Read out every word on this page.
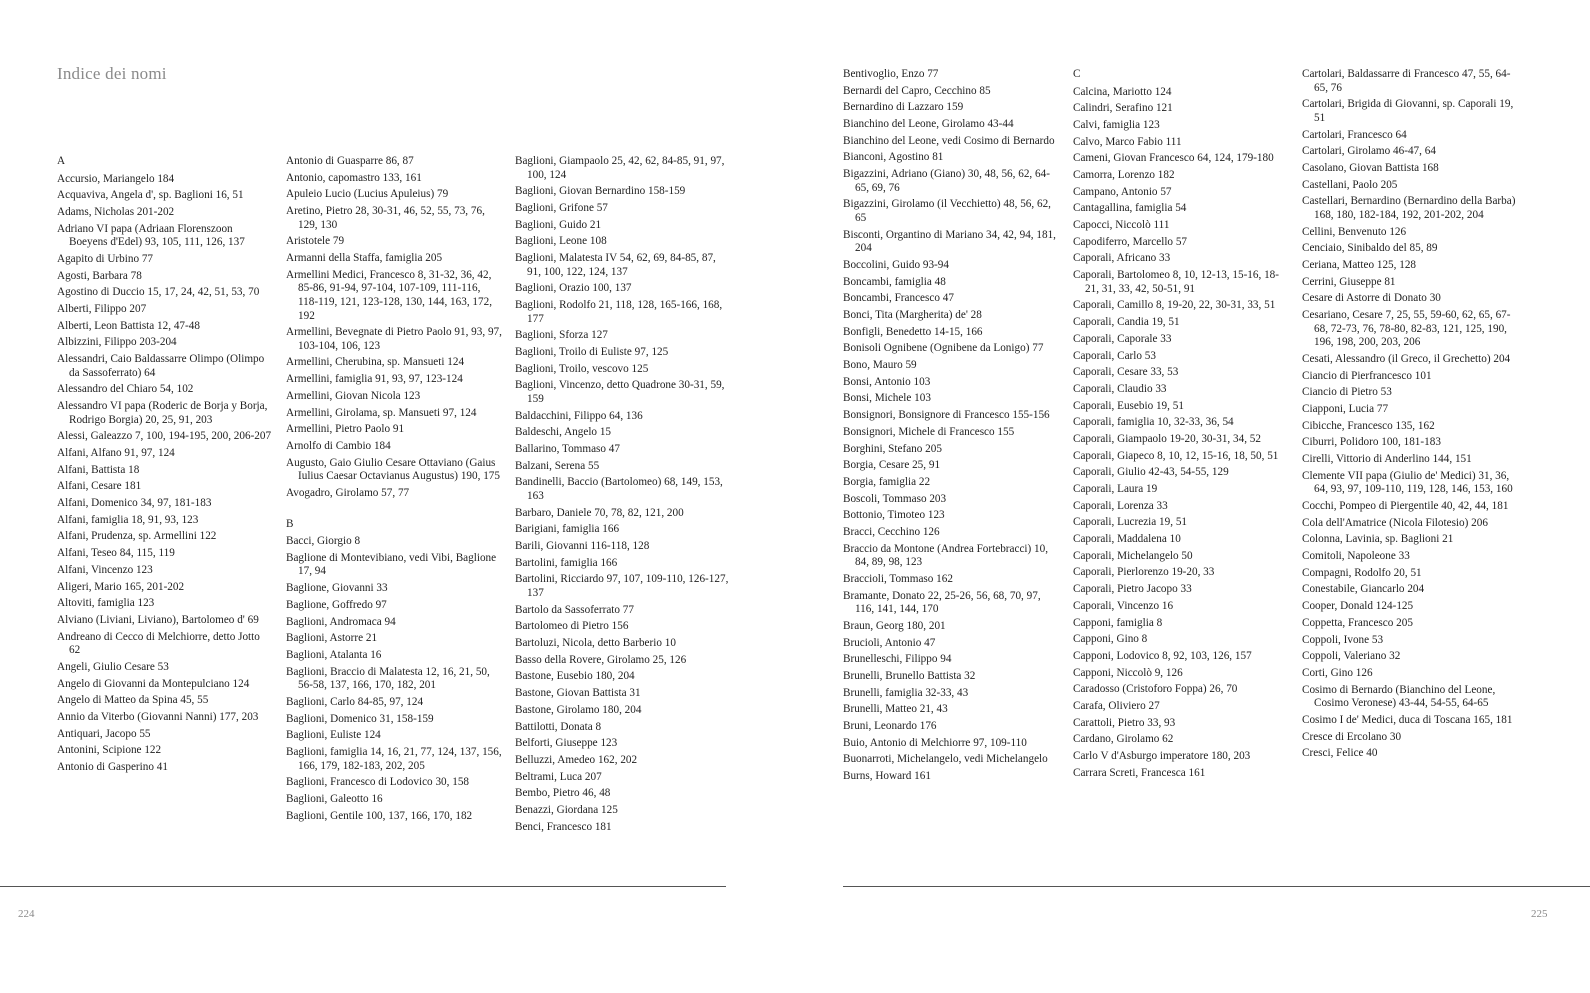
Indice dei nomi
A
Accursio, Mariangelo 184
Acquaviva, Angela d', sp. Baglioni 16, 51
Adams, Nicholas 201-202
Adriano VI papa (Adriaan Florenszoon Boeyens d'Edel) 93, 105, 111, 126, 137
Agapito di Urbino 77
Agosti, Barbara 78
Agostino di Duccio 15, 17, 24, 42, 51, 53, 70
Alberti, Filippo 207
Alberti, Leon Battista 12, 47-48
Albizzini, Filippo 203-204
Alessandri, Caio Baldassarre Olimpo (Olimpo da Sassoferrato) 64
Alessandro del Chiaro 54, 102
Alessandro VI papa (Roderic de Borja y Borja, Rodrigo Borgia) 20, 25, 91, 203
Alessi, Galeazzo 7, 100, 194-195, 200, 206-207
Alfani, Alfano 91, 97, 124
Alfani, Battista 18
Alfani, Cesare 181
Alfani, Domenico 34, 97, 181-183
Alfani, famiglia 18, 91, 93, 123
Alfani, Prudenza, sp. Armellini 122
Alfani, Teseo 84, 115, 119
Alfani, Vincenzo 123
Aligeri, Mario 165, 201-202
Altoviti, famiglia 123
Alviano (Liviani, Liviano), Bartolomeo d' 69
Andreano di Cecco di Melchiorre, detto Jotto 62
Angeli, Giulio Cesare 53
Angelo di Giovanni da Montepulciano 124
Angelo di Matteo da Spina 45, 55
Annio da Viterbo (Giovanni Nanni) 177, 203
Antiquari, Jacopo 55
Antonini, Scipione 122
Antonio di Gasperino 41
Antonio di Guasparre 86, 87
Antonio, capomastro 133, 161
Apuleio Lucio (Lucius Apuleius) 79
Aretino, Pietro 28, 30-31, 46, 52, 55, 73, 76, 129, 130
Aristotele 79
Armanni della Staffa, famiglia 205
Armellini Medici, Francesco 8, 31-32, 36, 42, 85-86, 91-94, 97-104, 107-109, 111-116, 118-119, 121, 123-128, 130, 144, 163, 172, 192
Armellini, Bevegnate di Pietro Paolo 91, 93, 97, 103-104, 106, 123
Armellini, Cherubina, sp. Mansueti 124
Armellini, famiglia 91, 93, 97, 123-124
Armellini, Giovan Nicola 123
Armellini, Girolama, sp. Mansueti 97, 124
Armellini, Pietro Paolo 91
Arnolfo di Cambio 184
Augusto, Gaio Giulio Cesare Ottaviano (Gaius Iulius Caesar Octavianus Augustus) 190, 175
Avogadro, Girolamo 57, 77
B
Bacci, Giorgio 8
Baglione di Montevibiano, vedi Vibi, Baglione 17, 94
Baglione, Giovanni 33
Baglione, Goffredo 97
Baglioni, Andromaca 94
Baglioni, Astorre 21
Baglioni, Atalanta 16
Baglioni, Braccio di Malatesta 12, 16, 21, 50, 56-58, 137, 166, 170, 182, 201
Baglioni, Carlo 84-85, 97, 124
Baglioni, Domenico 31, 158-159
Baglioni, Euliste 124
Baglioni, famiglia 14, 16, 21, 77, 124, 137, 156, 166, 179, 182-183, 202, 205
Baglioni, Francesco di Lodovico 30, 158
Baglioni, Galeotto 16
Baglioni, Gentile 100, 137, 166, 170, 182
Baglioni, Giampaolo 25, 42, 62, 84-85, 91, 97, 100, 124
Baglioni, Giovan Bernardino 158-159
Baglioni, Grifone 57
Baglioni, Guido 21
Baglioni, Leone 108
Baglioni, Malatesta IV 54, 62, 69, 84-85, 87, 91, 100, 122, 124, 137
Baglioni, Orazio 100, 137
Baglioni, Rodolfo 21, 118, 128, 165-166, 168, 177
Baglioni, Sforza 127
Baglioni, Troilo di Euliste 97, 125
Baglioni, Troilo, vescovo 125
Baglioni, Vincenzo, detto Quadrone 30-31, 59, 159
Baldacchini, Filippo 64, 136
Baldeschi, Angelo 15
Ballarino, Tommaso 47
Balzani, Serena 55
Bandinelli, Baccio (Bartolomeo) 68, 149, 153, 163
Barbaro, Daniele 70, 78, 82, 121, 200
Barigiani, famiglia 166
Barili, Giovanni 116-118, 128
Bartolini, famiglia 166
Bartolini, Ricciardo 97, 107, 109-110, 126-127, 137
Bartolo da Sassoferrato 77
Bartolomeo di Pietro 156
Bartoluzi, Nicola, detto Barberio 10
Basso della Rovere, Girolamo 25, 126
Bastone, Eusebio 180, 204
Bastone, Giovan Battista 31
Bastone, Girolamo 180, 204
Battilotti, Donata 8
Belforti, Giuseppe 123
Belluzzi, Amedeo 162, 202
Beltrami, Luca 207
Bembo, Pietro 46, 48
Benazzi, Giordana 125
Benci, Francesco 181
Bentivoglio, Enzo 77
Bernardi del Capro, Cecchino 85
Bernardino di Lazzaro 159
Bianchino del Leone, Girolamo 43-44
Bianchino del Leone, vedi Cosimo di Bernardo
Bianconi, Agostino 81
Bigazzini, Adriano (Giano) 30, 48, 56, 62, 64-65, 69, 76
Bigazzini, Girolamo (il Vecchietto) 48, 56, 62, 65
Bisconti, Organtino di Mariano 34, 42, 94, 181, 204
Boccolini, Guido 93-94
Boncambi, famiglia 48
Boncambi, Francesco 47
Bonci, Tita (Margherita) de' 28
Bonfigli, Benedetto 14-15, 166
Bonisoli Ognibene (Ognibene da Lonigo) 77
Bono, Mauro 59
Bonsi, Antonio 103
Bonsi, Michele 103
Bonsignori, Bonsignore di Francesco 155-156
Bonsignori, Michele di Francesco 155
Borghini, Stefano 205
Borgia, Cesare 25, 91
Borgia, famiglia 22
Boscoli, Tommaso 203
Bottonio, Timoteo 123
Bracci, Cecchino 126
Braccio da Montone (Andrea Fortebracci) 10, 84, 89, 98, 123
Braccioli, Tommaso 162
Bramante, Donato 22, 25-26, 56, 68, 70, 97, 116, 141, 144, 170
Braun, Georg 180, 201
Brucioli, Antonio 47
Brunelleschi, Filippo 94
Brunelli, Brunello Battista 32
Brunelli, famiglia 32-33, 43
Brunelli, Matteo 21, 43
Bruni, Leonardo 176
Buio, Antonio di Melchiorre 97, 109-110
Buonarroti, Michelangelo, vedi Michelangelo
Burns, Howard 161
C
Calcina, Mariotto 124
Calindri, Serafino 121
Calvi, famiglia 123
Calvo, Marco Fabio 111
Cameni, Giovan Francesco 64, 124, 179-180
Camorra, Lorenzo 182
Campano, Antonio 57
Cantagallina, famiglia 54
Capocci, Niccolò 111
Capodiferro, Marcello 57
Caporali, Africano 33
Caporali, Bartolomeo 8, 10, 12-13, 15-16, 18-21, 31, 33, 42, 50-51, 91
Caporali, Camillo 8, 19-20, 22, 30-31, 33, 51
Caporali, Candia 19, 51
Caporali, Caporale 33
Caporali, Carlo 53
Caporali, Cesare 33, 53
Caporali, Claudio 33
Caporali, Eusebio 19, 51
Caporali, famiglia 10, 32-33, 36, 54
Caporali, Giampaolo 19-20, 30-31, 34, 52
Caporali, Giapeco 8, 10, 12, 15-16, 18, 50, 51
Caporali, Giulio 42-43, 54-55, 129
Caporali, Laura 19
Caporali, Lorenza 33
Caporali, Lucrezia 19, 51
Caporali, Maddalena 10
Caporali, Michelangelo 50
Caporali, Pierlorenzo 19-20, 33
Caporali, Pietro Jacopo 33
Caporali, Vincenzo 16
Capponi, famiglia 8
Capponi, Gino 8
Capponi, Lodovico 8, 92, 103, 126, 157
Capponi, Niccolò 9, 126
Caradosso (Cristoforo Foppa) 26, 70
Carafa, Oliviero 27
Carattoli, Pietro 33, 93
Cardano, Girolamo 62
Carlo V d'Asburgo imperatore 180, 203
Carrara Screti, Francesca 161
Cartolari, Baldassarre di Francesco 47, 55, 64-65, 76
Cartolari, Brigida di Giovanni, sp. Caporali 19, 51
Cartolari, Francesco 64
Cartolari, Girolamo 46-47, 64
Casolano, Giovan Battista 168
Castellani, Paolo 205
Castellari, Bernardino (Bernardino della Barba) 168, 180, 182-184, 192, 201-202, 204
Cellini, Benvenuto 126
Cenciaio, Sinibaldo del 85, 89
Ceriana, Matteo 125, 128
Cerrini, Giuseppe 81
Cesare di Astorre di Donato 30
Cesariano, Cesare 7, 25, 55, 59-60, 62, 65, 67-68, 72-73, 76, 78-80, 82-83, 121, 125, 190, 196, 198, 200, 203, 206
Cesati, Alessandro (il Greco, il Grechetto) 204
Ciancio di Pierfrancesco 101
Ciancio di Pietro 53
Ciapponi, Lucia 77
Cibicche, Francesco 135, 162
Ciburri, Polidoro 100, 181-183
Cirelli, Vittorio di Anderlino 144, 151
Clemente VII papa (Giulio de' Medici) 31, 36, 64, 93, 97, 109-110, 119, 128, 146, 153, 160
Cocchi, Pompeo di Piergentile 40, 42, 44, 181
Cola dell'Amatrice (Nicola Filotesio) 206
Colonna, Lavinia, sp. Baglioni 21
Comitoli, Napoleone 33
Compagni, Rodolfo 20, 51
Conestabile, Giancarlo 204
Cooper, Donald 124-125
Coppetta, Francesco 205
Coppoli, Ivone 53
Coppoli, Valeriano 32
Corti, Gino 126
Cosimo di Bernardo (Bianchino del Leone, Cosimo Veronese) 43-44, 54-55, 64-65
Cosimo I de' Medici, duca di Toscana 165, 181
Cresce di Ercolano 30
Cresci, Felice 40
224	225
